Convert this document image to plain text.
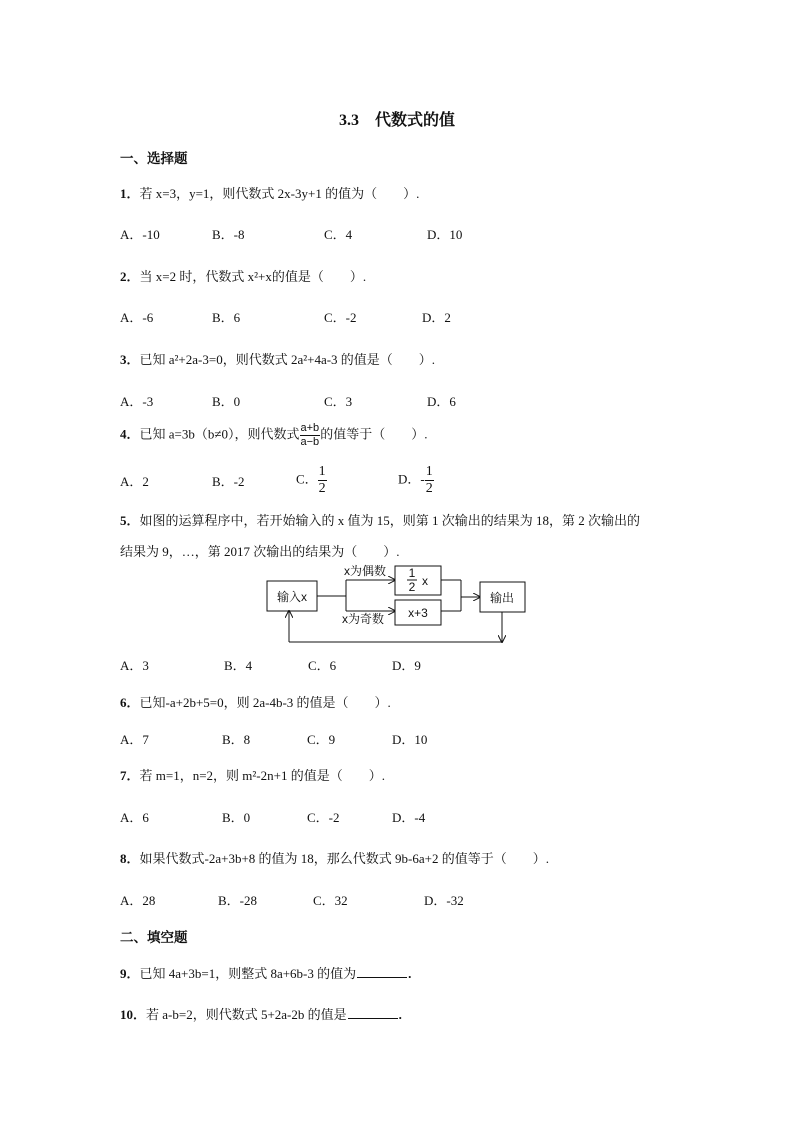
3.3　代数式的值
一、选择题
1．若 x=3，y=1，则代数式 2x-3y+1 的值为（　　）.
A．-10	B．-8	C．4	D．10
2．当 x=2 时，代数式 x²+x的值是（　　）.
A．-6	B．6	C．-2	D．2
3．已知 a²+2a-3=0，则代数式 2a²+4a-3 的值是（　　）.
A．-3	B．0	C．3	D．6
4．已知 a=3b（b≠0），则代数式 $\frac{a+b}{a-b}$ 的值等于（　　）.
A．2	B．-2	C． $\frac{1}{2}$	D．- $\frac{1}{2}$
5．如图的运算程序中，若开始输入的 x 值为 15，则第 1 次输出的结果为 18，第 2 次输出的
结果为 9，…，第 2017 次输出的结果为（　　）.
输入x
x为偶数
x为奇数
1
2 x
x+3
输出
A．3	B．4	C．6	D．9
6．已知-a+2b+5=0，则 2a-4b-3 的值是（　　）.
A．7	B．8	C．9	D．10
7．若 m=1，n=2，则 m²-2n+1 的值是（　　）.
A．6	B．0	C．-2	D．-4
8．如果代数式-2a+3b+8 的值为 18，那么代数式 9b-6a+2 的值等于（　　）.
A．28	B．-28	C．32	D．-32
二、填空题
9．已知 4a+3b=1，则整式 8a+6b-3 的值为	.
10．若 a-b=2，则代数式 5+2a-2b 的值是	.
